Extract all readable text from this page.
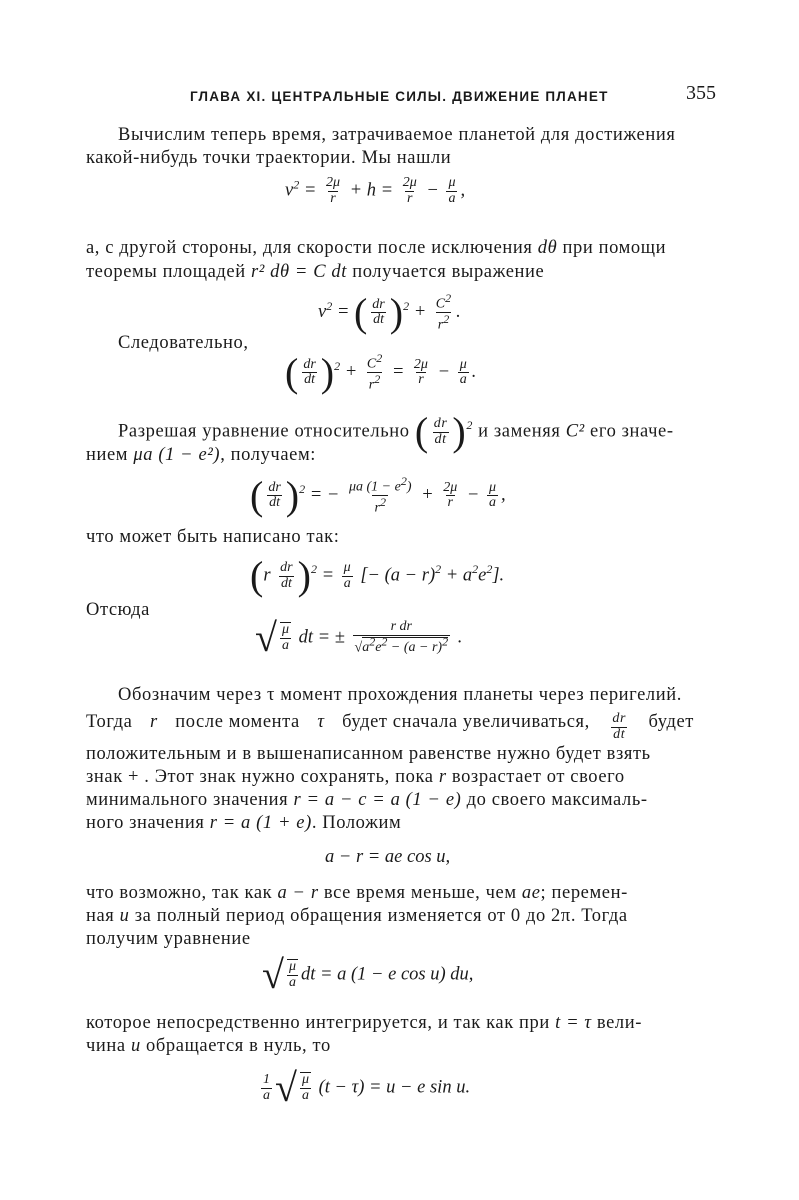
ГЛАВА XI. ЦЕНТРАЛЬНЫЕ СИЛЫ. ДВИЖЕНИЕ ПЛАНЕТ	355
Вычислим теперь время, затрачиваемое планетой для достижения
какой-нибудь точки траектории. Мы нашли
$v^2 = \frac{2\mu}{r} + h = \frac{2\mu}{r} - \frac{\mu}{a}$ ,
а, с другой стороны, для скорости после исключения dθ при помощи
теоремы площадей r² dθ = C dt получается выражение
$v^2$ = ( $\frac{dr}{dt} )^2 + \frac{C2}{r2}$ .
Следовательно,
( $\frac{dr}{dt} )^2 + \frac{C2}{r2} = \frac{2\mu}{r} - \frac{\mu}{a}$ .
Разрешая уравнение относительно ( $\frac{dr}{dt} )^2$ и заменяя C² его значе-
нием μa (1 − e²), получаем:
( $\frac{dr}{dt} )^2$ = − $\frac{\mu a (1 - e2)}{r2} + \frac{2\mu}{r} - \frac{\mu}{a}$ ,
что может быть написано так:
$(r \frac{dr}{dt} )^2 = \frac{\mu}{a}$ [− $(a - r)^2 + a^2e^2$].
Отсюда
√ $\frac{\mu}{a}$ dt = ± $\frac{\text{r dr}}{√a2e2 - (a - r)2}$ .
Обозначим через τ момент прохождения планеты через перигелий.
Тогда r после момента τ будет сначала увеличиваться, $\frac{dr}{dt}$ будет
положительным и в вышенаписанном равенстве нужно будет взять
знак + . Этот знак нужно сохранять, пока r возрастает от своего
минимального значения r = a − c = a (1 − e) до своего максималь-
ного значения r = a (1 + e). Положим
a − r = ae cos u,
что возможно, так как a − r все время меньше, чем ae; перемен-
ная u за полный период обращения изменяется от 0 до 2π. Тогда
получим уравнение
√ $\frac{\mu}{a}$ dt = a (1 − e cos u) du,
которое непосредственно интегрируется, и так как при t = τ вели-
чина u обращается в нуль, то
$\frac{1}{a}$ √ $\frac{\mu}{a} (t - \tau) = u - e$ sin u.
